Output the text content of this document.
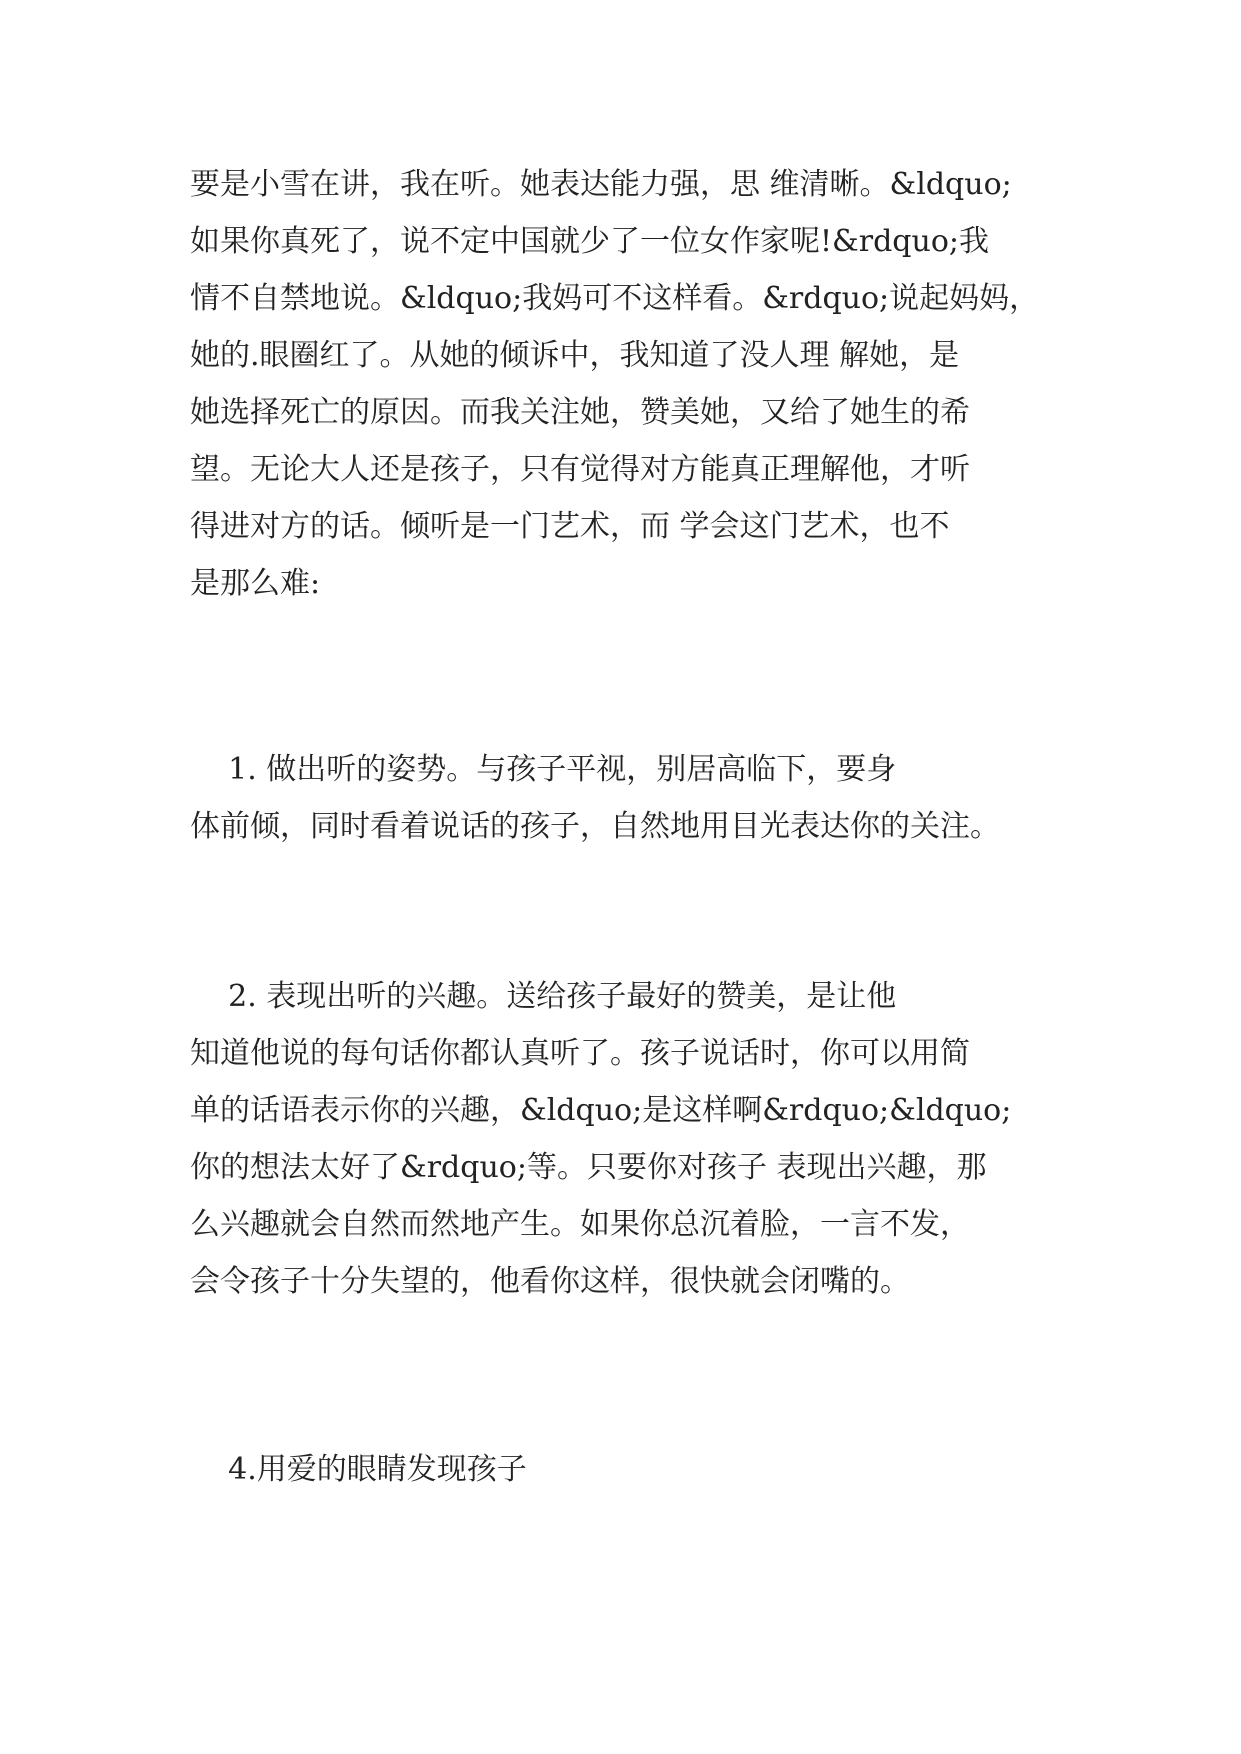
要是小雪在讲，我在听。她表达能力强，思 维清晰。&ldquo;
如果你真死了，说不定中国就少了一位女作家呢!&rdquo;我
情不自禁地说。&ldquo;我妈可不这样看。&rdquo;说起妈妈，
她的.眼圈红了。从她的倾诉中，我知道了没人理 解她，是
她选择死亡的原因。而我关注她，赞美她，又给了她生的希
望。无论大人还是孩子，只有觉得对方能真正理解他，才听
得进对方的话。倾听是一门艺术，而 学会这门艺术，也不
是那么难:
1. 做出听的姿势。与孩子平视，别居高临下，要身
体前倾，同时看着说话的孩子，自然地用目光表达你的关注。
2. 表现出听的兴趣。送给孩子最好的赞美，是让他
知道他说的每句话你都认真听了。孩子说话时，你可以用简
单的话语表示你的兴趣，&ldquo;是这样啊&rdquo;&ldquo;
你的想法太好了&rdquo;等。只要你对孩子 表现出兴趣，那
么兴趣就会自然而然地产生。如果你总沉着脸，一言不发，
会令孩子十分失望的，他看你这样，很快就会闭嘴的。
4.用爱的眼睛发现孩子
